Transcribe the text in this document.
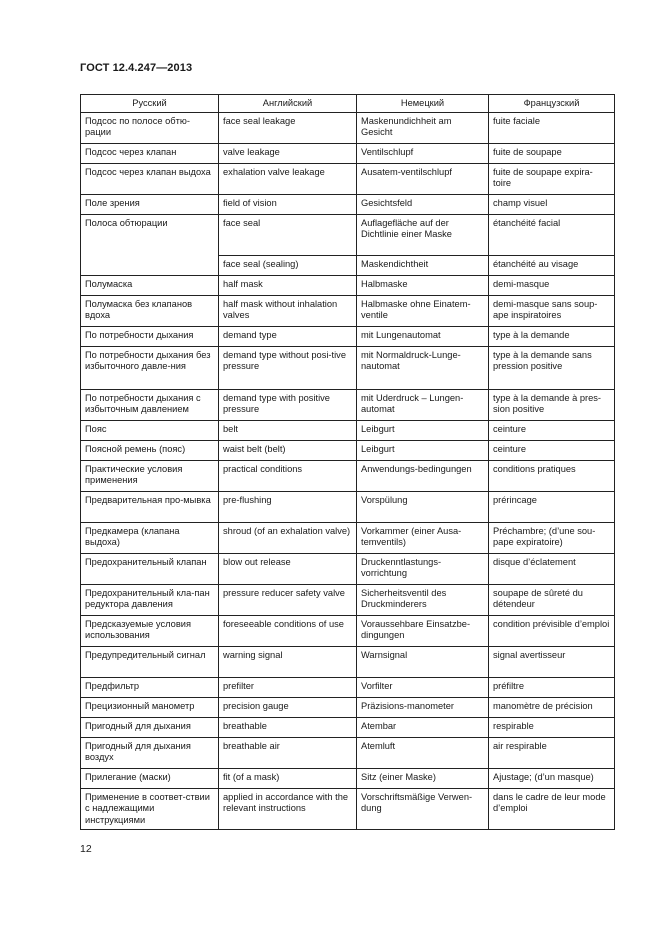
ГОСТ 12.4.247—2013
Русский	Английский	Немецкий	Французский
Подсос по полосе обтю-рации	face seal leakage	Maskenundichheit am Gesicht	fuite faciale
Подсос через клапан	valve leakage	Ventilschlupf	fuite de soupape
Подсос через клапан выдоха	exhalation valve leakage	Ausatem-ventilschlupf	fuite de soupape expira-toire
Поле зрения	field of vision	Gesichtsfeld	champ visuel
Полоса обтюрации	face seal	Auflagefläche auf der Dichtlinie einer Maske	étanchéité facial
	face seal (sealing)	Maskendichtheit	étanchéité au visage
Полумаска	half mask	Halbmaske	demi-masque
Полумаска без клапанов вдоха	half mask without inhalation valves	Halbmaske ohne Einatem-ventile	demi-masque sans soup-ape inspiratoires
По потребности дыхания	demand type	mit Lungenautomat	type à la demande
По потребности дыхания без избыточного давле-ния	demand type without posi-tive pressure	mit Normaldruck-Lunge-nautomat	type à la demande sans pression positive
По потребности дыхания с избыточным давлением	demand type with positive pressure	mit Uderdruck – Lungen-automat	type à la demande à pres-sion positive
Пояс	belt	Leibgurt	ceinture
Поясной ремень (пояс)	waist belt (belt)	Leibgurt	ceinture
Практические условия применения	practical conditions	Anwendungs-bedingungen	conditions pratiques
Предварительная про-мывка	pre-flushing	Vorspülung	prérincage
Предкамера (клапана выдоха)	shroud (of an exhalation valve)	Vorkammer (einer Ausa-temventils)	Préchambre; (d’une sou-pape expiratoire)
Предохранительный клапан	blow out release	Druckenntlastungs-vorrichtung	disque d’éclatement
Предохранительный кла-пан редуктора давления	pressure reducer safety valve	Sicherheitsventil des Druckminderers	soupape de sûreté du détendeur
Предсказуемые условия использования	foreseeable conditions of use	Voraussehbare Einsatzbe-dingungen	condition prévisible d’emploi
Предупредительный сигнал	warning signal	Warnsignal	signal avertisseur
Предфильтр	prefilter	Vorfilter	préfiltre
Прецизионный манометр	precision gauge	Präzisions-manometer	manomètre de précision
Пригодный для дыхания	breathable	Atembar	respirable
Пригодный для дыхания воздух	breathable air	Atemluft	air respirable
Прилегание (маски)	fit (of a mask)	Sitz (einer Maske)	Ajustage; (d’un masque)
Применение в соответ-ствии с надлежащими инструкциями	applied in accordance with the relevant instructions	Vorschriftsmäßige Verwen-dung	dans le cadre de leur mode d’emploi
12
